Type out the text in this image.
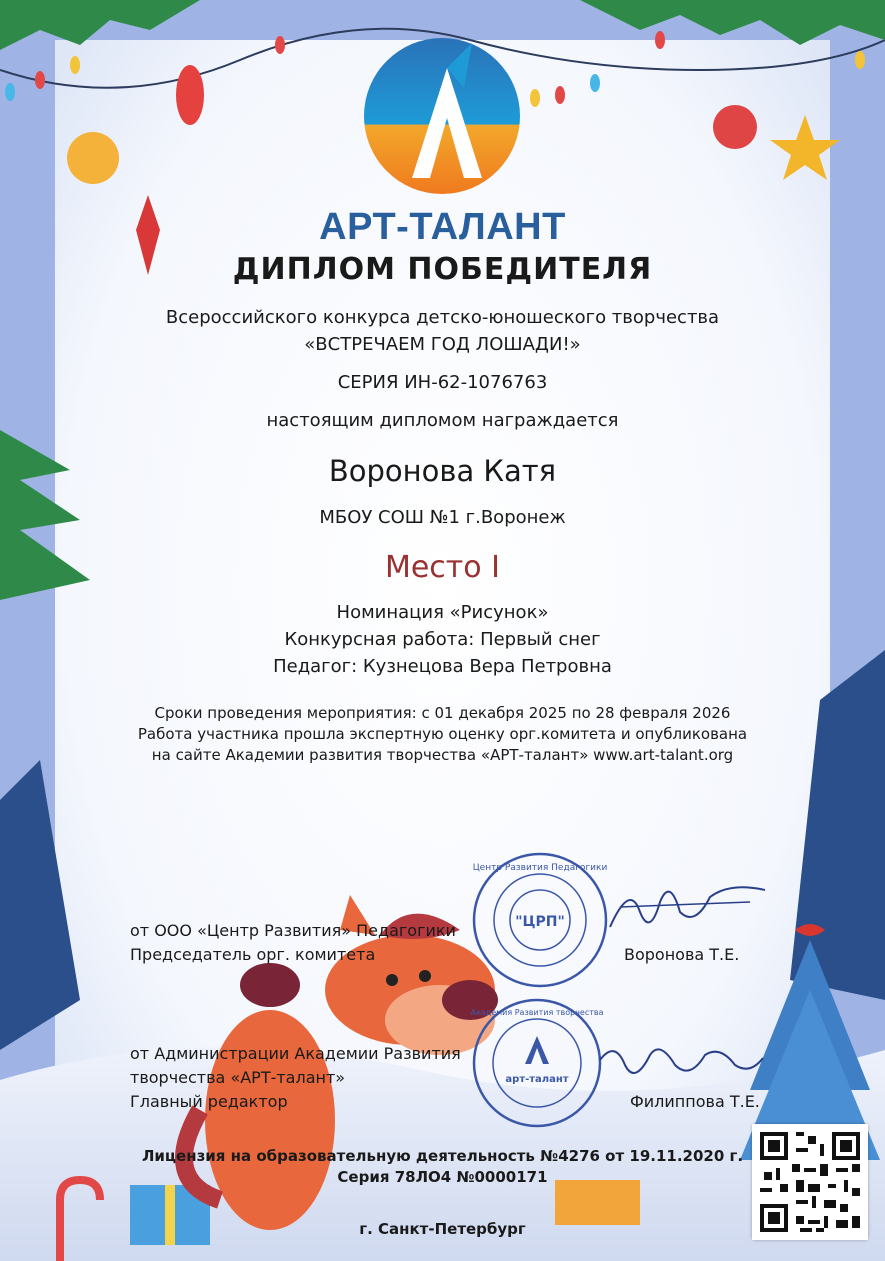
АРТ-ТАЛАНТ
ДИПЛОМ ПОБЕДИТЕЛЯ
Всероссийского конкурса детско-юношеского творчества
«ВСТРЕЧАЕМ ГОД ЛОШАДИ!»
СЕРИЯ ИН-62-1076763
настоящим дипломом награждается
Воронова Катя
МБОУ СОШ №1 г.Воронеж
Место I
Номинация «Рисунок»
Конкурсная работа: Первый снег
Педагог: Кузнецова Вера Петровна
Сроки проведения мероприятия: с 01 декабря 2025 по 28 февраля 2026
Работа участника прошла экспертную оценку орг.комитета и опубликована
на сайте Академии развития творчества «АРТ-талант» www.art-talant.org
Центр Развития Педагогики
"ЦРП"
Академия Развития творчества
арт-талант
от ООО «Центр Развития» Педагогики
Председатель орг. комитета	Воронова Т.Е.
от Администрации Академии Развития
творчества «АРТ-талант»
Главный редактор	Филиппова Т.Е.
Лицензия на образовательную деятельность №4276 от 19.11.2020 г.
Серия 78ЛО4 №0000171
г. Санкт-Петербург
